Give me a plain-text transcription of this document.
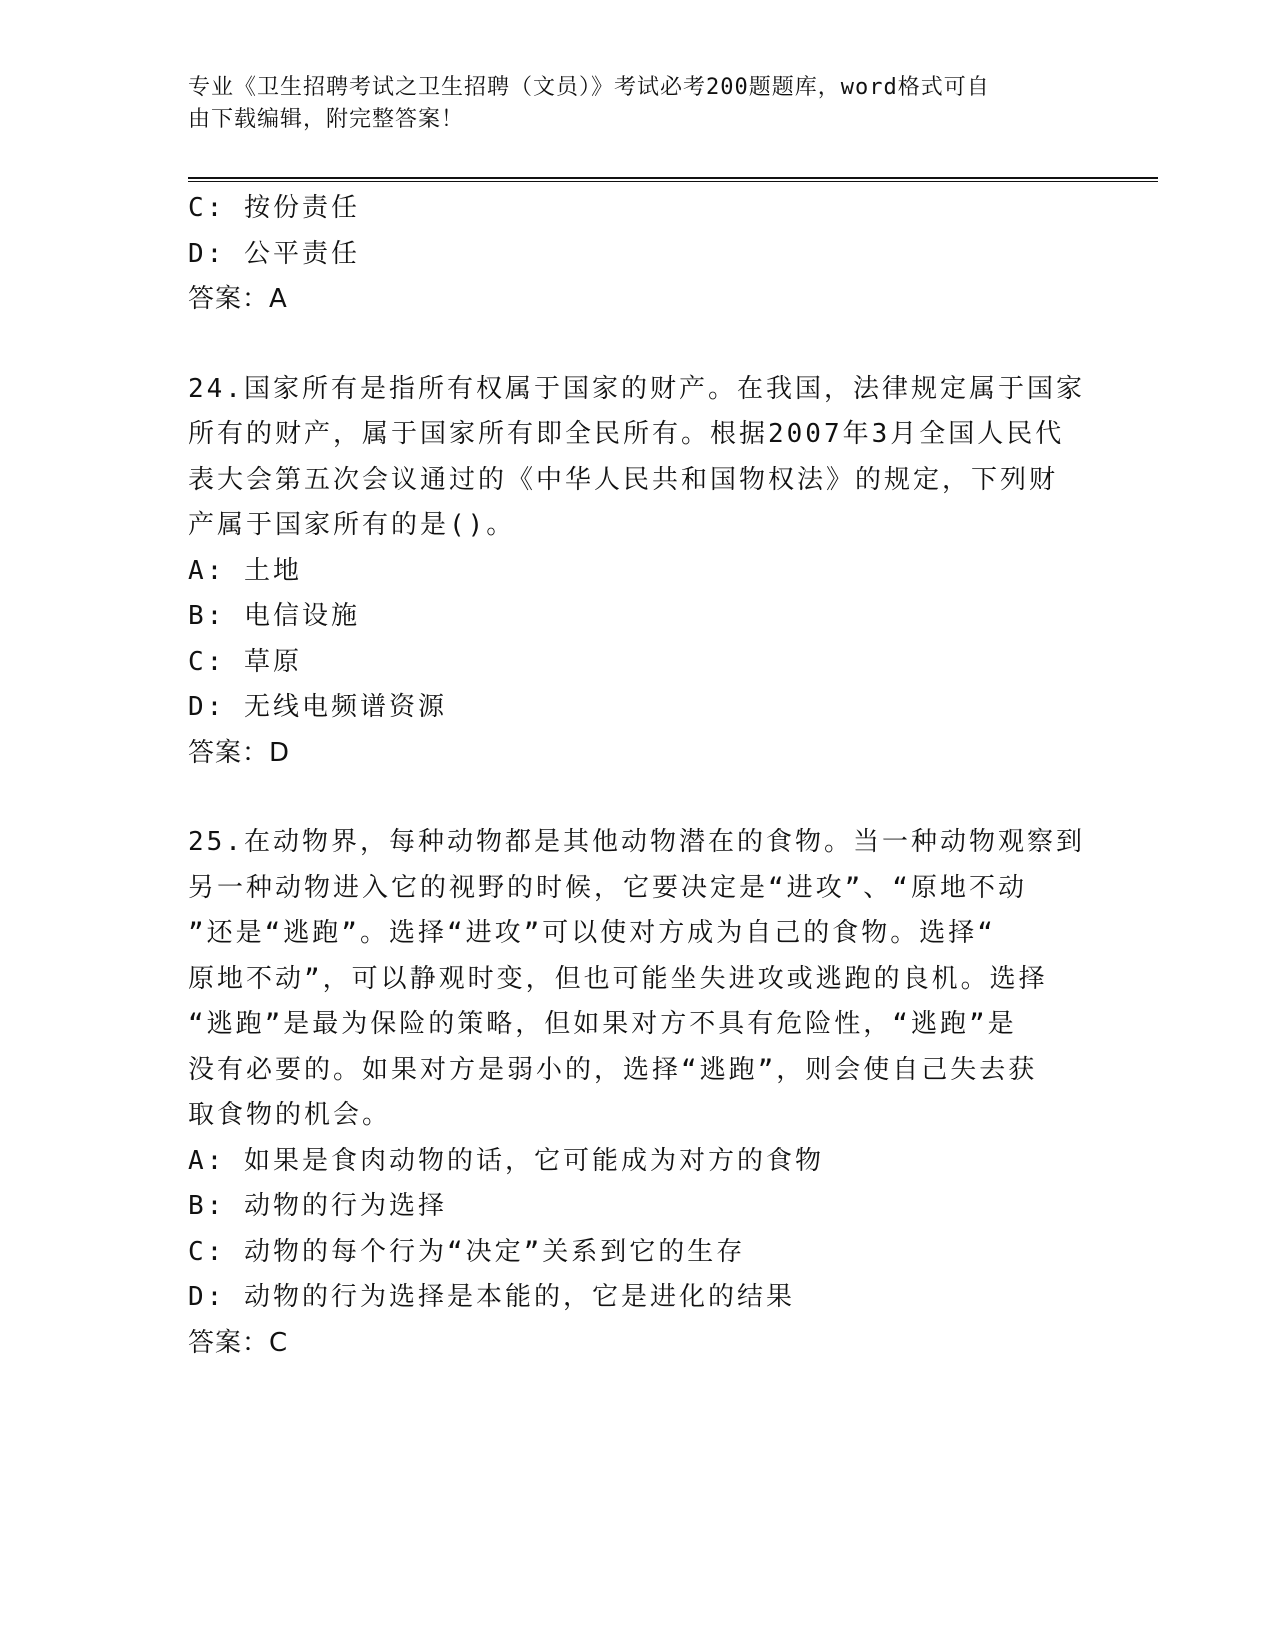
专业《卫生招聘考试之卫生招聘（文员）》考试必考200题题库，word格式可自
由下载编辑，附完整答案！
C: 按份责任
D: 公平责任
答案：A
24.国家所有是指所有权属于国家的财产。在我国，法律规定属于国家
所有的财产，属于国家所有即全民所有。根据2007年3月全国人民代
表大会第五次会议通过的《中华人民共和国物权法》的规定，下列财
产属于国家所有的是()。
A: 土地
B: 电信设施
C: 草原
D: 无线电频谱资源
答案：D
25.在动物界，每种动物都是其他动物潜在的食物。当一种动物观察到
另一种动物进入它的视野的时候，它要决定是“进攻”、“原地不动
”还是“逃跑”。选择“进攻”可以使对方成为自己的食物。选择“
原地不动”，可以静观时变，但也可能坐失进攻或逃跑的良机。选择
“逃跑”是最为保险的策略，但如果对方不具有危险性，“逃跑”是
没有必要的。如果对方是弱小的，选择“逃跑”，则会使自己失去获
取食物的机会。
A: 如果是食肉动物的话，它可能成为对方的食物
B: 动物的行为选择
C: 动物的每个行为“决定”关系到它的生存
D: 动物的行为选择是本能的，它是进化的结果
答案：C
